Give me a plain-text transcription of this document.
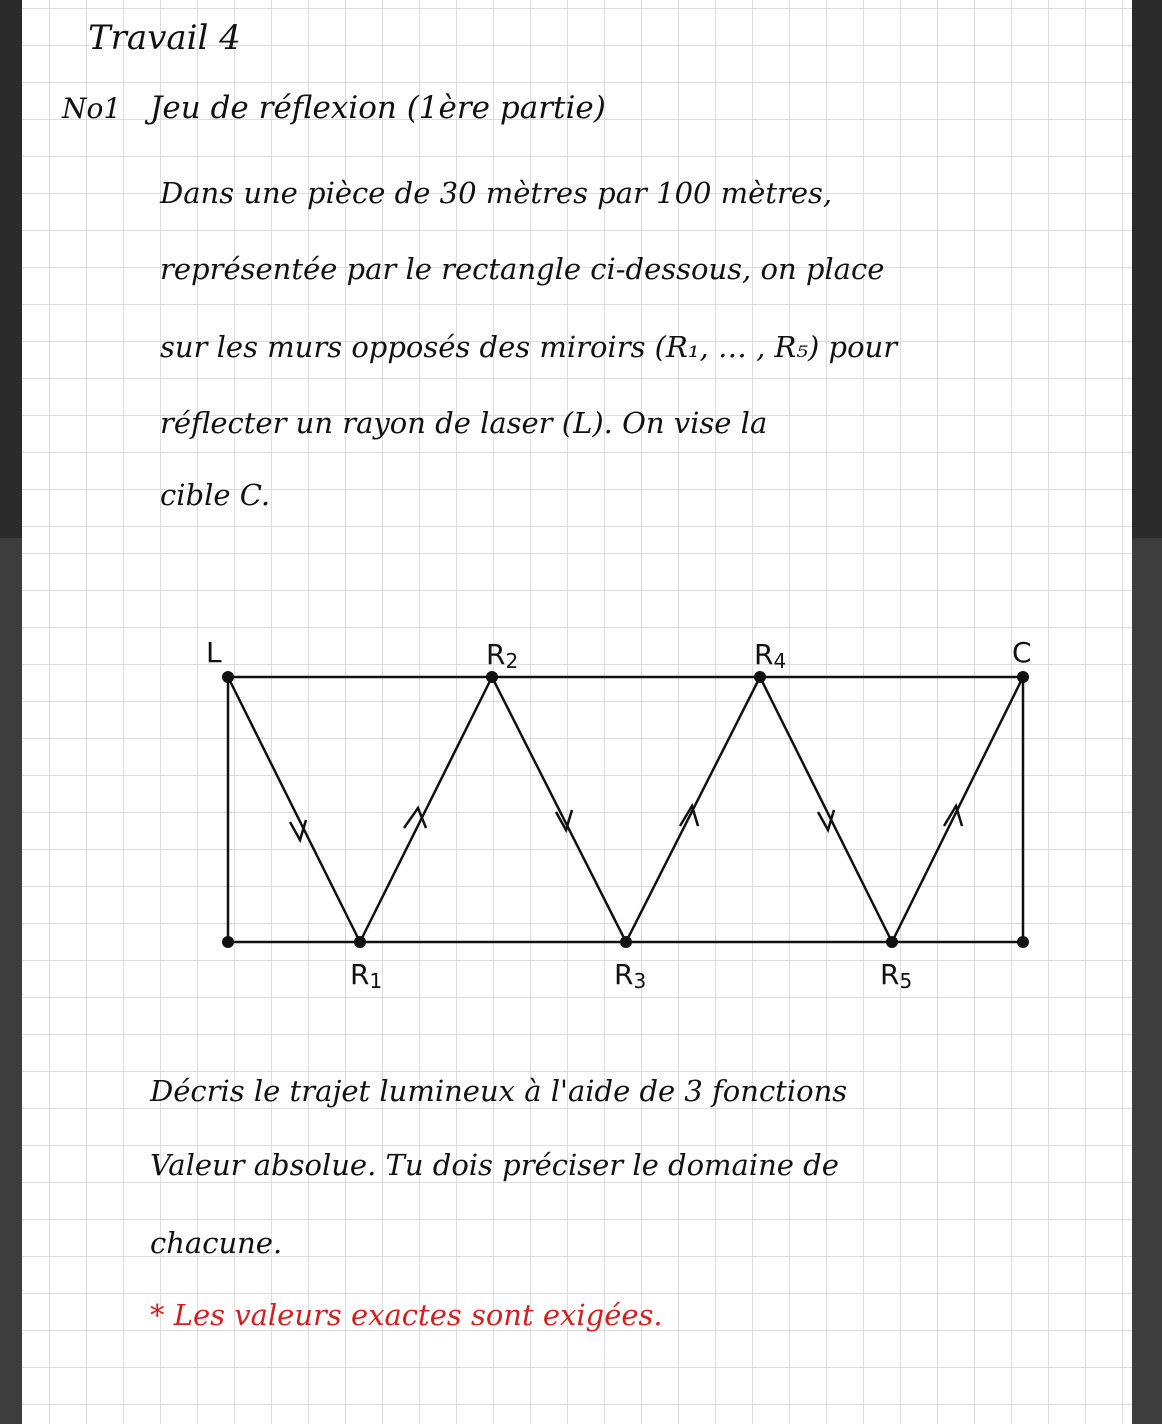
Travail 4
No1 Jeu de réflexion (1ère partie)
Dans une pièce de 30 mètres par 100 mètres,
représentée par le rectangle ci-dessous, on place
sur les murs opposés des miroirs (R₁, … , R₅) pour
réflecter un rayon de laser (L). On vise la
cible C.
L	C
R2	R4
R1	R3	R5
Décris le trajet lumineux à l'aide de 3 fonctions
Valeur absolue. Tu dois préciser le domaine de
chacune.
* Les valeurs exactes sont exigées.
